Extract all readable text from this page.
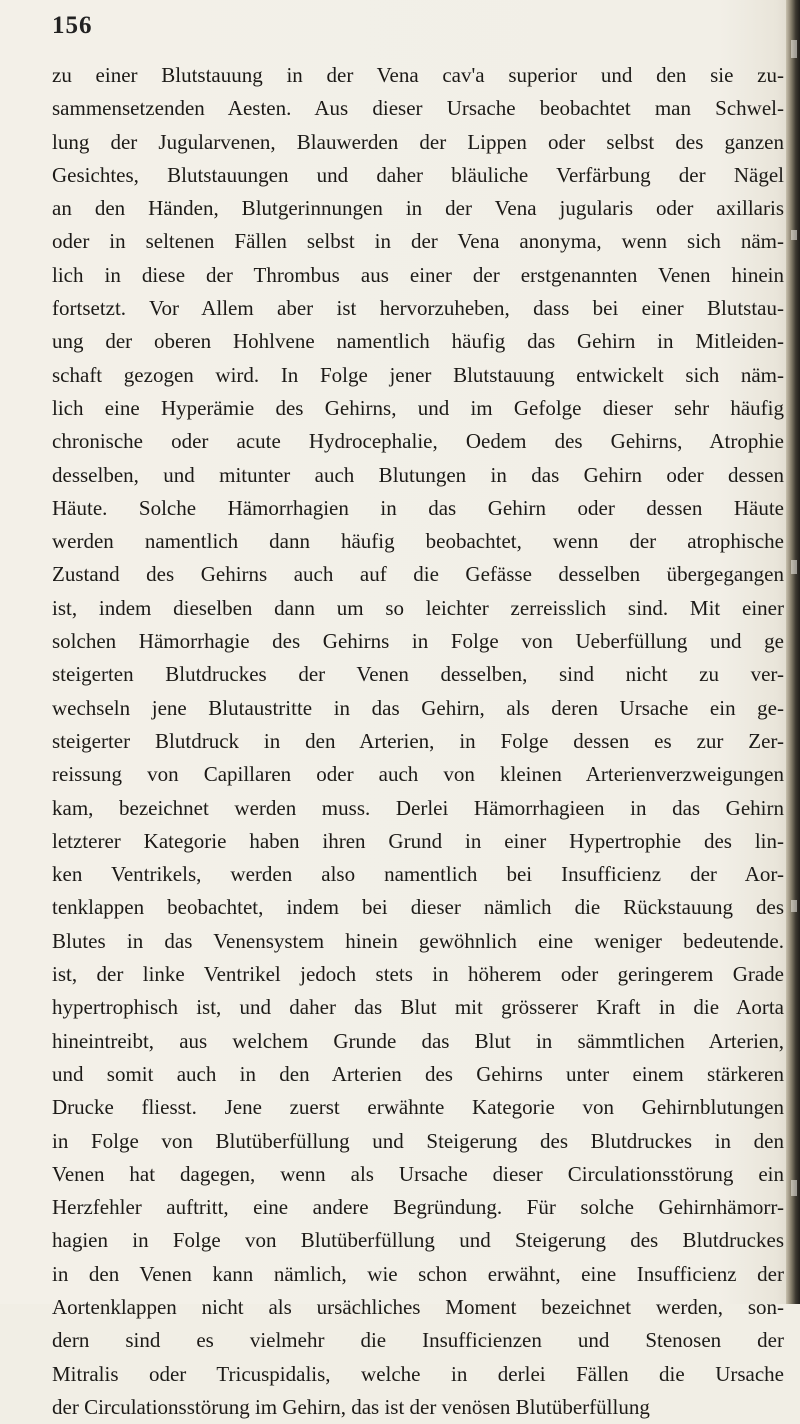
156
zu einer Blutstauung in der Vena cav'a superior und den sie zu-
sammensetzenden Aesten. Aus dieser Ursache beobachtet man Schwel-
lung der Jugularvenen, Blauwerden der Lippen oder selbst des ganzen
Gesichtes, Blutstauungen und daher bläuliche Verfärbung der Nägel
an den Händen, Blutgerinnungen in der Vena jugularis oder axillaris
oder in seltenen Fällen selbst in der Vena anonyma, wenn sich näm-
lich in diese der Thrombus aus einer der erstgenannten Venen hinein
fortsetzt. Vor Allem aber ist hervorzuheben, dass bei einer Blutstau-
ung der oberen Hohlvene namentlich häufig das Gehirn in Mitleiden-
schaft gezogen wird. In Folge jener Blutstauung entwickelt sich näm-
lich eine Hyperämie des Gehirns, und im Gefolge dieser sehr häufig
chronische oder acute Hydrocephalie, Oedem des Gehirns, Atrophie
desselben, und mitunter auch Blutungen in das Gehirn oder dessen
Häute. Solche Hämorrhagien in das Gehirn oder dessen Häute
werden namentlich dann häufig beobachtet, wenn der atrophische
Zustand des Gehirns auch auf die Gefässe desselben übergegangen
ist, indem dieselben dann um so leichter zerreisslich sind. Mit einer
solchen Hämorrhagie des Gehirns in Folge von Ueberfüllung und ge
steigerten Blutdruckes der Venen desselben, sind nicht zu ver-
wechseln jene Blutaustritte in das Gehirn, als deren Ursache ein ge-
steigerter Blutdruck in den Arterien, in Folge dessen es zur Zer-
reissung von Capillaren oder auch von kleinen Arterienverzweigungen
kam, bezeichnet werden muss. Derlei Hämorrhagieen in das Gehirn
letzterer Kategorie haben ihren Grund in einer Hypertrophie des lin-
ken Ventrikels, werden also namentlich bei Insufficienz der Aor-
tenklappen beobachtet, indem bei dieser nämlich die Rückstauung des
Blutes in das Venensystem hinein gewöhnlich eine weniger bedeutende.
ist, der linke Ventrikel jedoch stets in höherem oder geringerem Grade
hypertrophisch ist, und daher das Blut mit grösserer Kraft in die Aorta
hineintreibt, aus welchem Grunde das Blut in sämmtlichen Arterien,
und somit auch in den Arterien des Gehirns unter einem stärkeren
Drucke fliesst. Jene zuerst erwähnte Kategorie von Gehirnblutungen
in Folge von Blutüberfüllung und Steigerung des Blutdruckes in den
Venen hat dagegen, wenn als Ursache dieser Circulationsstörung ein
Herzfehler auftritt, eine andere Begründung. Für solche Gehirnhämorr-
hagien in Folge von Blutüberfüllung und Steigerung des Blutdruckes
in den Venen kann nämlich, wie schon erwähnt, eine Insufficienz der
Aortenklappen nicht als ursächliches Moment bezeichnet werden, son-
dern sind es vielmehr die Insufficienzen und Stenosen der
Mitralis oder Tricuspidalis, welche in derlei Fällen die Ursache
der Circulationsstörung im Gehirn, das ist der venösen Blutüberfüllung
